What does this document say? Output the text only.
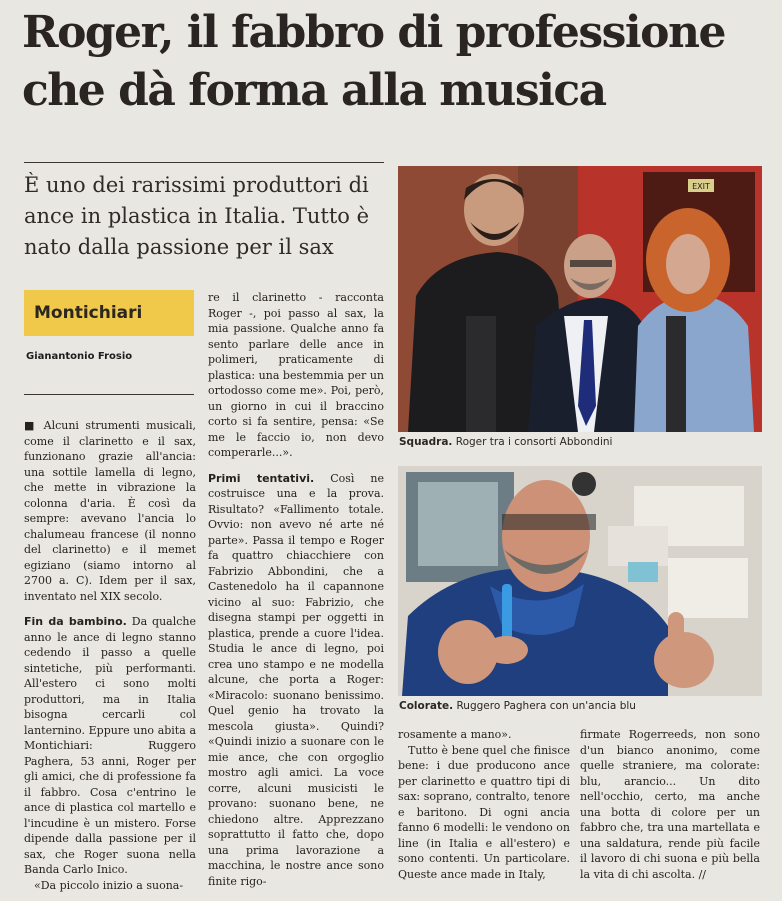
Roger, il fabbro di professione
che dà forma alla musica

È uno dei rarissimi produttori di ance in plastica in Italia. Tutto è nato dalla passione per il sax

Montichiari
Gianantonio Frosio

■ Alcuni strumenti musicali, come il clarinetto e il sax, funzionano grazie all'ancia: una sottile lamella di legno, che mette in vibrazione la colonna d'aria. È così da sempre: avevano l'ancia lo chalumeau francese (il nonno del clarinetto) e il memet egiziano (siamo intorno al 2700 a. C). Idem per il sax, inventato nel XIX secolo.

Fin da bambino. Da qualche anno le ance di legno stanno cedendo il passo a quelle sintetiche, più performanti. All'estero ci sono molti produttori, ma in Italia bisogna cercarli col lanternino. Eppure uno abita a Montichiari: Ruggero Paghera, 53 anni, Roger per gli amici, che di professione fa il fabbro. Cosa c'entrino le ance di plastica col martello e l'incudine è un mistero. Forse dipende dalla passione per il sax, che Roger suona nella Banda Carlo Inico.

«Da piccolo inizio a suona-

re il clarinetto - racconta Roger -, poi passo al sax, la mia passione. Qualche anno fa sento parlare delle ance in polimeri, praticamente di plastica: una bestemmia per un ortodosso come me». Poi, però, un giorno in cui il braccino corto si fa sentire, pensa: «Se me le faccio io, non devo comperarle...».

Primi tentativi. Così ne costruisce una e la prova. Risultato? «Fallimento totale. Ovvio: non avevo né arte né parte». Passa il tempo e Roger fa quattro chiacchiere con Fabrizio Abbondini, che a Castenedolo ha il capannone vicino al suo: Fabrizio, che disegna stampi per oggetti in plastica, prende a cuore l'idea. Studia le ance di legno, poi crea uno stampo e ne modella alcune, che porta a Roger: «Miracolo: suonano benissimo. Quel genio ha trovato la mescola giusta». Quindi? «Quindi inizio a suonare con le mie ance, che con orgoglio mostro agli amici. La voce corre, alcuni musicisti le provano: suonano bene, ne chiedono altre. Apprezzano soprattutto il fatto che, dopo una prima lavorazione a macchina, le nostre ance sono finite rigo-

EXIT
Squadra. Roger tra i consorti Abbondini
Colorate. Ruggero Paghera con un'ancia blu

rosamente a mano».

Tutto è bene quel che finisce bene: i due producono ance per clarinetto e quattro tipi di sax: soprano, contralto, tenore e baritono. Di ogni ancia fanno 6 modelli: le vendono on line (in Italia e all'estero) e sono contenti. Un particolare. Queste ance made in Italy,

firmate Rogerreeds, non sono d'un bianco anonimo, come quelle straniere, ma colorate: blu, arancio... Un dito nell'occhio, certo, ma anche una botta di colore per un fabbro che, tra una martellata e una saldatura, rende più facile il lavoro di chi suona e più bella la vita di chi ascolta. //
